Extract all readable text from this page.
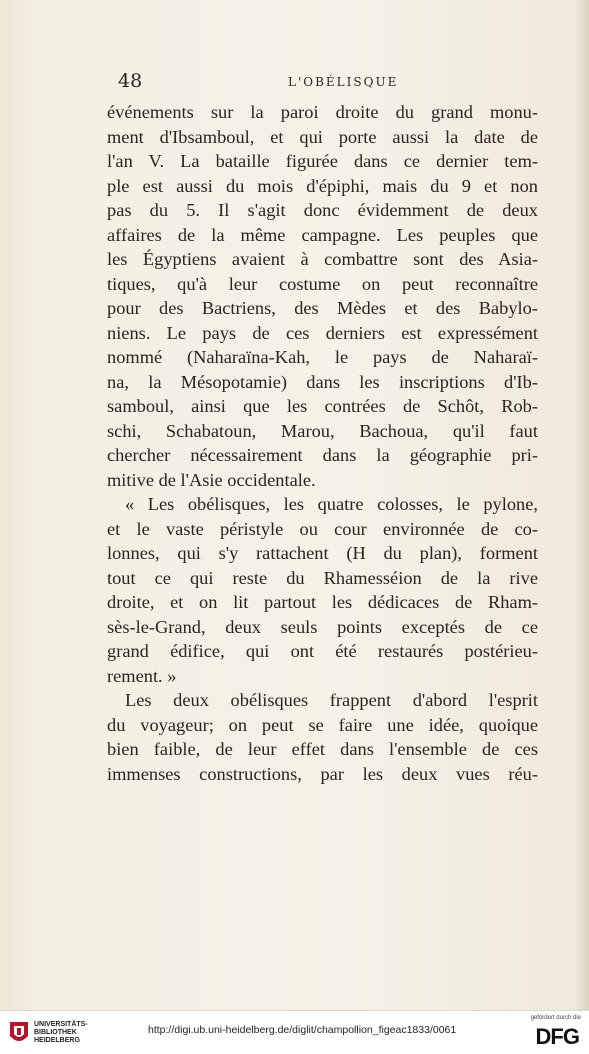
48	L'OBÉLISQUE
événements sur la paroi droite du grand monu-
ment d'Ibsamboul, et qui porte aussi la date de
l'an V. La bataille figurée dans ce dernier tem-
ple est aussi du mois d'épiphi, mais du 9 et non
pas du 5. Il s'agit donc évidemment de deux
affaires de la même campagne. Les peuples que
les Égyptiens avaient à combattre sont des Asia-
tiques, qu'à leur costume on peut reconnaître
pour des Bactriens, des Mèdes et des Babylo-
niens. Le pays de ces derniers est expressément
nommé (Naharaïna-Kah, le pays de Naharaï-
na, la Mésopotamie) dans les inscriptions d'Ib-
samboul, ainsi que les contrées de Schôt, Rob-
schi, Schabatoun, Marou, Bachoua, qu'il faut
chercher nécessairement dans la géographie pri-
mitive de l'Asie occidentale.
« Les obélisques, les quatre colosses, le pylone,
et le vaste péristyle ou cour environnée de co-
lonnes, qui s'y rattachent (H du plan), forment
tout ce qui reste du Rhamesséion de la rive
droite, et on lit partout les dédicaces de Rham-
sès-le-Grand, deux seuls points exceptés de ce
grand édifice, qui ont été restaurés postérieu-
rement. »
Les deux obélisques frappent d'abord l'esprit
du voyageur; on peut se faire une idée, quoique
bien faible, de leur effet dans l'ensemble de ces
immenses constructions, par les deux vues réu-
UNIVERSITÄTS-
BIBLIOTHEK
HEIDELBERG
http://digi.ub.uni-heidelberg.de/diglit/champollion_figeac1833/0061
gefördert durch die
DFG
